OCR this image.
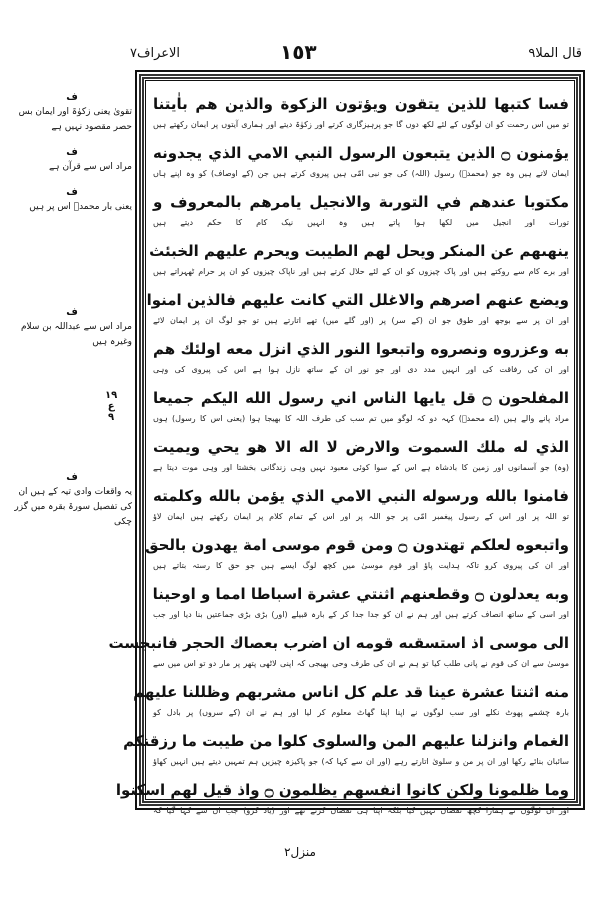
الاعراف٧	١٥٣	قال الملا٩
ف
تقویٰ یعنی زکوٰۃ اور ایمان بس حصر مقصود نہیں ہے
ف
مراد اس سے قرآن ہے
ف
یعنی بار محمدؐ اس پر ہیں
ف
مراد اس سے عبداللہ بن سلام وغیرہ ہیں
ف
یہ واقعات وادی تیہ کے ہیں ان کی تفصیل سورۃ بقرہ میں گزر چکی
١٩
ع
٩
فسا كتبها للذين يتقون ويؤتون الزكوة والذين هم باٰيتنا
تو میں اس رحمت کو ان لوگوں کے لئے لکھ دوں گا جو پرہیزگاری کرتے اور زکوٰۃ دیتے اور ہماری آیتوں پر ایمان رکھتے ہیں
يؤمنون ۝ الذين يتبعون الرسول النبي الامي الذي يجدونه
ایمان لاتے ہیں وہ جو (محمدؐ) رسول (اللہ) کی جو نبی امّی ہیں پیروی کرتے ہیں جن (کے اوصاف) کو وہ اپنے ہاں
مكتوبا عندهم في التورىة والانجيل يامرهم بالمعروف و
تورات اور انجیل میں لکھا ہوا پاتے ہیں وہ انہیں نیک کام کا حکم دیتے ہیں
ينهىهم عن المنكر ويحل لهم الطيبت ويحرم عليهم الخبئث
اور برے کام سے روکتے ہیں اور پاک چیزوں کو ان کے لئے حلال کرتے ہیں اور ناپاک چیزوں کو ان پر حرام ٹھہراتے ہیں
ويضع عنهم اصرهم والاغلل التي كانت عليهم فالذين امنوا
اور ان پر سے بوجھ اور طوق جو ان (کے سر) پر (اور گلے میں) تھے اتارتے ہیں تو جو لوگ ان پر ایمان لائے
به وعزروه ونصروه واتبعوا النور الذي انزل معه اولئك هم
اور ان کی رفاقت کی اور انہیں مدد دی اور جو نور ان کے ساتھ نازل ہوا ہے اس کی پیروی کی وہی
المفلحون ۝ قل يايها الناس اني رسول الله اليكم جميعا
مراد پانے والے ہیں (اے محمدؐ) کہہ دو کہ لوگو میں تم سب کی طرف اللہ کا بھیجا ہوا (یعنی اس کا رسول) ہوں
الذي له ملك السموت والارض لا اله الا هو يحي ويميت
(وہ) جو آسمانوں اور زمین کا بادشاہ ہے اس کے سوا کوئی معبود نہیں وہی زندگانی بخشتا اور وہی موت دیتا ہے
فامنوا بالله ورسوله النبي الامي الذي يؤمن بالله وكلمته
تو اللہ پر اور اس کے رسول پیغمبر امّی پر جو اللہ پر اور اس کے تمام کلام پر ایمان رکھتے ہیں ایمان لاؤ
واتبعوه لعلكم تهتدون ۝ ومن قوم موسى امة يهدون بالحق
اور ان کی پیروی کرو تاکہ ہدایت پاؤ اور قوم موسیٰ میں کچھ لوگ ایسے ہیں جو حق کا رستہ بتاتے ہیں
وبه يعدلون ۝ وقطعنهم اثنتي عشرة اسباطا امما و اوحينا
اور اسی کے ساتھ انصاف کرتے ہیں اور ہم نے ان کو جدا جدا کر کے بارہ قبیلے (اور) بڑی بڑی جماعتیں بنا دیا اور جب
الى موسى اذ استسقىه قومه ان اضرب بعصاك الحجر فانبجست
موسیٰ سے ان کی قوم نے پانی طلب کیا تو ہم نے ان کی طرف وحی بھیجی کہ اپنی لاٹھی پتھر پر مار دو تو اس میں سے
منه اثنتا عشرة عينا قد علم كل اناس مشربهم وظللنا عليهم
بارہ چشمے پھوٹ نکلے اور سب لوگوں نے اپنا اپنا گھاٹ معلوم کر لیا اور ہم نے ان (کے سروں) پر بادل کو
الغمام وانزلنا عليهم المن والسلوى كلوا من طيبت ما رزقنكم
سائبان بنائے رکھا اور ان پر من و سلویٰ اتارتے رہے (اور ان سے کہا کہ) جو پاکیزہ چیزیں ہم تمہیں دیتے ہیں انہیں کھاؤ
وما ظلمونا ولكن كانوا انفسهم يظلمون ۝ واذ قيل لهم اسكنوا
اور ان لوگوں نے ہمارا کچھ نقصان نہیں کیا بلکہ اپنا ہی نقصان کرتے تھے اور (یاد کرو) جب ان سے کہا گیا کہ
منزل٢
